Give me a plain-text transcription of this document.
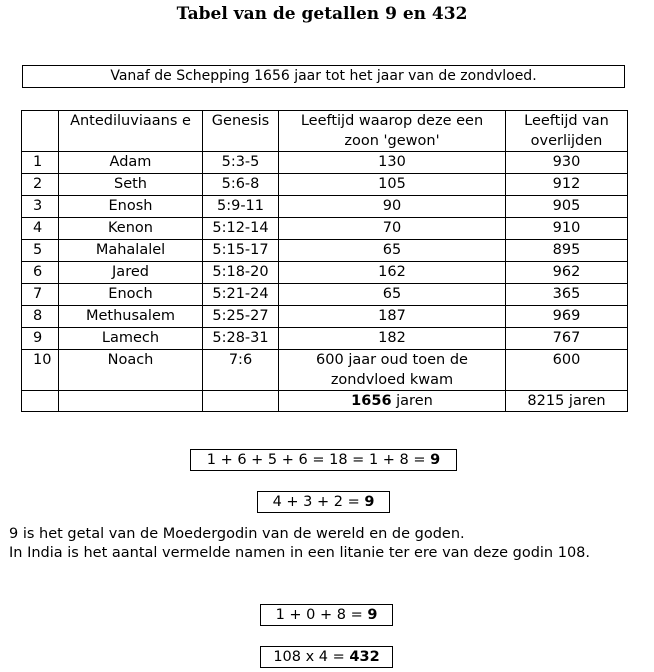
Tabel van de getallen 9 en 432
Vanaf de Schepping 1656 jaar tot het jaar van de zondvloed.
	Antediluviaans e	Genesis	Leeftijd waarop deze een zoon 'gewon'	Leeftijd van overlijden
1	Adam	5:3-5	130	930
2	Seth	5:6-8	105	912
3	Enosh	5:9-11	90	905
4	Kenon	5:12-14	70	910
5	Mahalalel	5:15-17	65	895
6	Jared	5:18-20	162	962
7	Enoch	5:21-24	65	365
8	Methusalem	5:25-27	187	969
9	Lamech	5:28-31	182	767
10	Noach	7:6	600 jaar oud toen de zondvloed kwam	600
			1656 jaren	8215 jaren
1 + 6 + 5 + 6 = 18 = 1 + 8 = 9
4 + 3 + 2 = 9

9 is het getal van de Moedergodin van de wereld en de goden.

In India is het aantal vermelde namen in een litanie ter ere van deze godin 108.

1 + 0 + 8 = 9
108 x 4 = 432
